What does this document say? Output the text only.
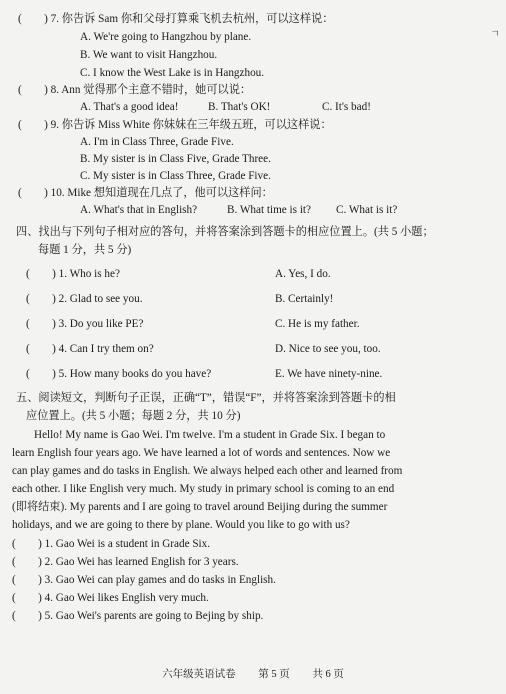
ㄱ
(　　) 7. 你告诉 Sam 你和父母打算乘飞机去杭州，可以这样说：
A. We're going to Hangzhou by plane.
B. We want to visit Hangzhou.
C. I know the West Lake is in Hangzhou.
(　　) 8. Ann 觉得那个主意不错时，她可以说：
A. That's a good idea!	B. That's OK!	C. It's bad!
(　　) 9. 你告诉 Miss White 你妹妹在三年级五班，可以这样说：
A. I'm in Class Three, Grade Five.
B. My sister is in Class Five, Grade Three.
C. My sister is in Class Three, Grade Five.
(　　) 10. Mike 想知道现在几点了，他可以这样问：
A. What's that in English?	B. What time is it? C. What is it?
四、找出与下列句子相对应的答句，并将答案涂到答题卡的相应位置上。(共 5 小题；
每题 1 分，共 5 分)
(　　) 1. Who is he?	A. Yes, I do.
(　　) 2. Glad to see you.	B. Certainly!
(　　) 3. Do you like PE?	C. He is my father.
(　　) 4. Can I try them on?	D. Nice to see you, too.
(　　) 5. How many books do you have?	E. We have ninety-nine.
五、阅读短文，判断句子正误，正确“T”，错误“F”，并将答案涂到答题卡的相
应位置上。(共 5 小题；每题 2 分，共 10 分)
Hello! My name is Gao Wei. I'm twelve. I'm a student in Grade Six. I began to
learn English four years ago. We have learned a lot of words and sentences. Now we
can play games and do tasks in English. We always helped each other and learned from
each other. I like English very much. My study in primary school is coming to an end
(即将结束). My parents and I are going to travel around Beijing during the summer
holidays, and we are going to there by plane. Would you like to go with us?
(　　) 1. Gao Wei is a student in Grade Six.
(　　) 2. Gao Wei has learned English for 3 years.
(　　) 3. Gao Wei can play games and do tasks in English.
(　　) 4. Gao Wei likes English very much.
(　　) 5. Gao Wei's parents are going to Bejing by ship.
六年级英语试卷 第 5 页 共 6 页
